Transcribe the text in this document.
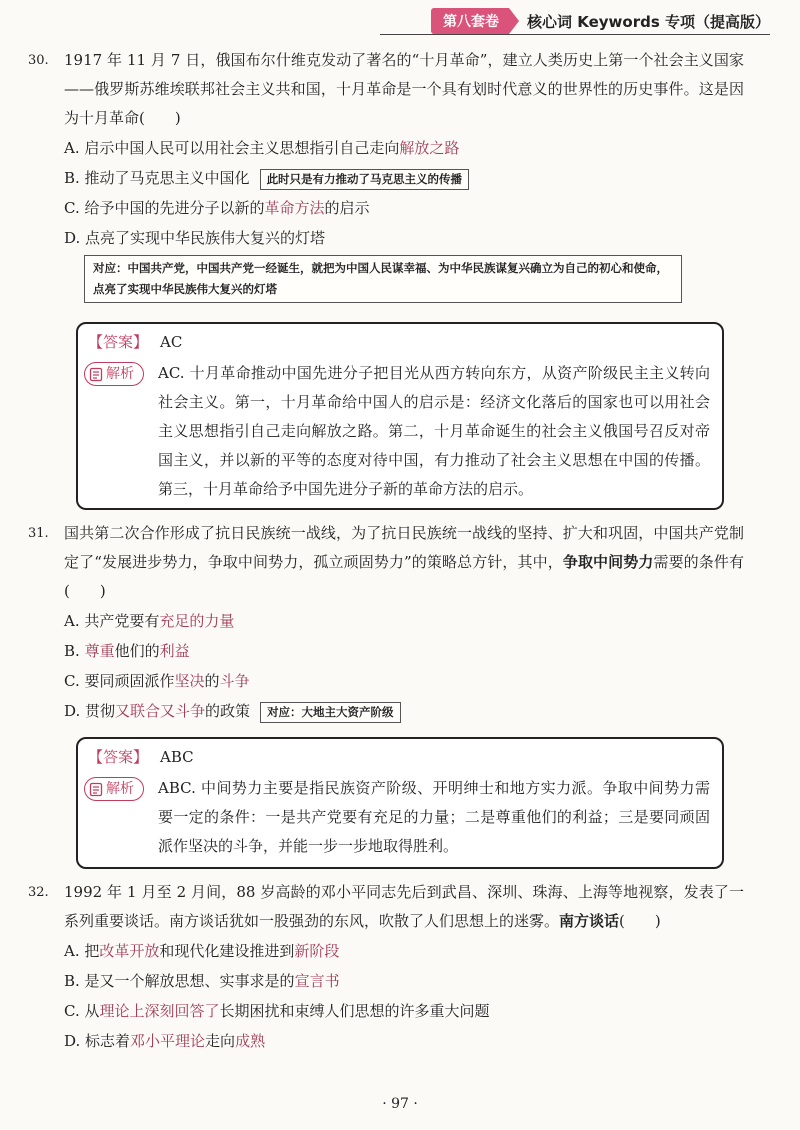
第八套卷	核心词 Keywords 专项（提高版）
30. 1917 年 11 月 7 日，俄国布尔什维克发动了著名的“十月革命”，建立人类历史上第一个社会主义国家——俄罗斯苏维埃联邦社会主义共和国，十月革命是一个具有划时代意义的世界性的历史事件。这是因为十月革命(　　)
A. 启示中国人民可以用社会主义思想指引自己走向解放之路
B. 推动了马克思主义中国化 此时只是有力推动了马克思主义的传播
C. 给予中国的先进分子以新的革命方法的启示
D. 点亮了实现中华民族伟大复兴的灯塔
对应：中国共产党，中国共产党一经诞生，就把为中国人民谋幸福、为中华民族谋复兴确立为自己的初心和使命，点亮了实现中华民族伟大复兴的灯塔
【答案】 AC
解析 AC. 十月革命推动中国先进分子把目光从西方转向东方，从资产阶级民主主义转向社会主义。第一，十月革命给中国人的启示是：经济文化落后的国家也可以用社会主义思想指引自己走向解放之路。第二，十月革命诞生的社会主义俄国号召反对帝国主义，并以新的平等的态度对待中国，有力推动了社会主义思想在中国的传播。第三，十月革命给予中国先进分子新的革命方法的启示。
31. 国共第二次合作形成了抗日民族统一战线，为了抗日民族统一战线的坚持、扩大和巩固，中国共产党制定了“发展进步势力，争取中间势力，孤立顽固势力”的策略总方针，其中，争取中间势力需要的条件有(　　)
A. 共产党要有充足的力量
B. 尊重他们的利益
C. 要同顽固派作坚决的斗争
D. 贯彻又联合又斗争的政策 对应：大地主大资产阶级
【答案】 ABC
解析 ABC. 中间势力主要是指民族资产阶级、开明绅士和地方实力派。争取中间势力需要一定的条件：一是共产党要有充足的力量；二是尊重他们的利益；三是要同顽固派作坚决的斗争，并能一步一步地取得胜利。
32. 1992 年 1 月至 2 月间，88 岁高龄的邓小平同志先后到武昌、深圳、珠海、上海等地视察，发表了一系列重要谈话。南方谈话犹如一股强劲的东风，吹散了人们思想上的迷雾。南方谈话(　　)
A. 把改革开放和现代化建设推进到新阶段
B. 是又一个解放思想、实事求是的宣言书
C. 从理论上深刻回答了长期困扰和束缚人们思想的许多重大问题
D. 标志着邓小平理论走向成熟
· 97 ·
